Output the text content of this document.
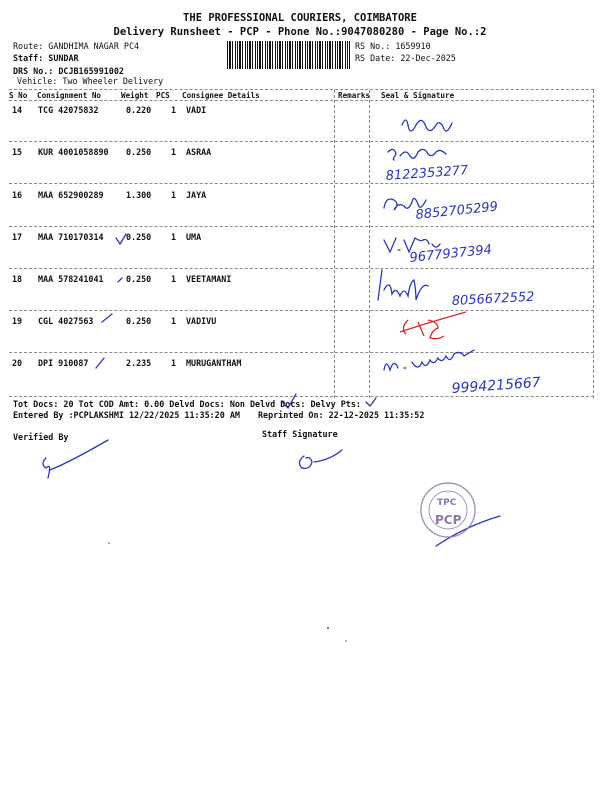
THE PROFESSIONAL COURIERS, COIMBATORE
Delivery Runsheet - PCP - Phone No.:9047080280 - Page No.:2
Route: GANDHIMA NAGAR PC4
Staff: SUNDAR
DRS No.: DCJB165991002
Vehicle: Two Wheeler Delivery
RS No.: 1659910
RS Date: 22-Dec-2025
S No Consignment No	Weight PCS Consignee Details	Remarks Seal & Signature
14 TCG 42075832	0.220 1 VADI
15 KUR 4001058890 0.250 1 ASRAA
16 MAA 652900289	1.300 1 JAYA
17 MAA 710170314	0.250 1 UMA
18 MAA 578241041	0.250 1 VEETAMANI
19 CGL 4027563	0.250 1 VADIVU
20 DPI 910087	2.235 1 MURUGANTHAM
Tot Docs: 20 Tot COD Amt: 0.00 Delvd Docs: Non Delvd Docs: Delvy Pts:
Entered By :PCPLAKSHMI 12/22/2025 11:35:20 AM Reprinted On: 22-12-2025 11:35:52
Verified By	Staff Signature
8122353277
8852705299
9677937394
8056672552
9994215667
TPC
PCP
